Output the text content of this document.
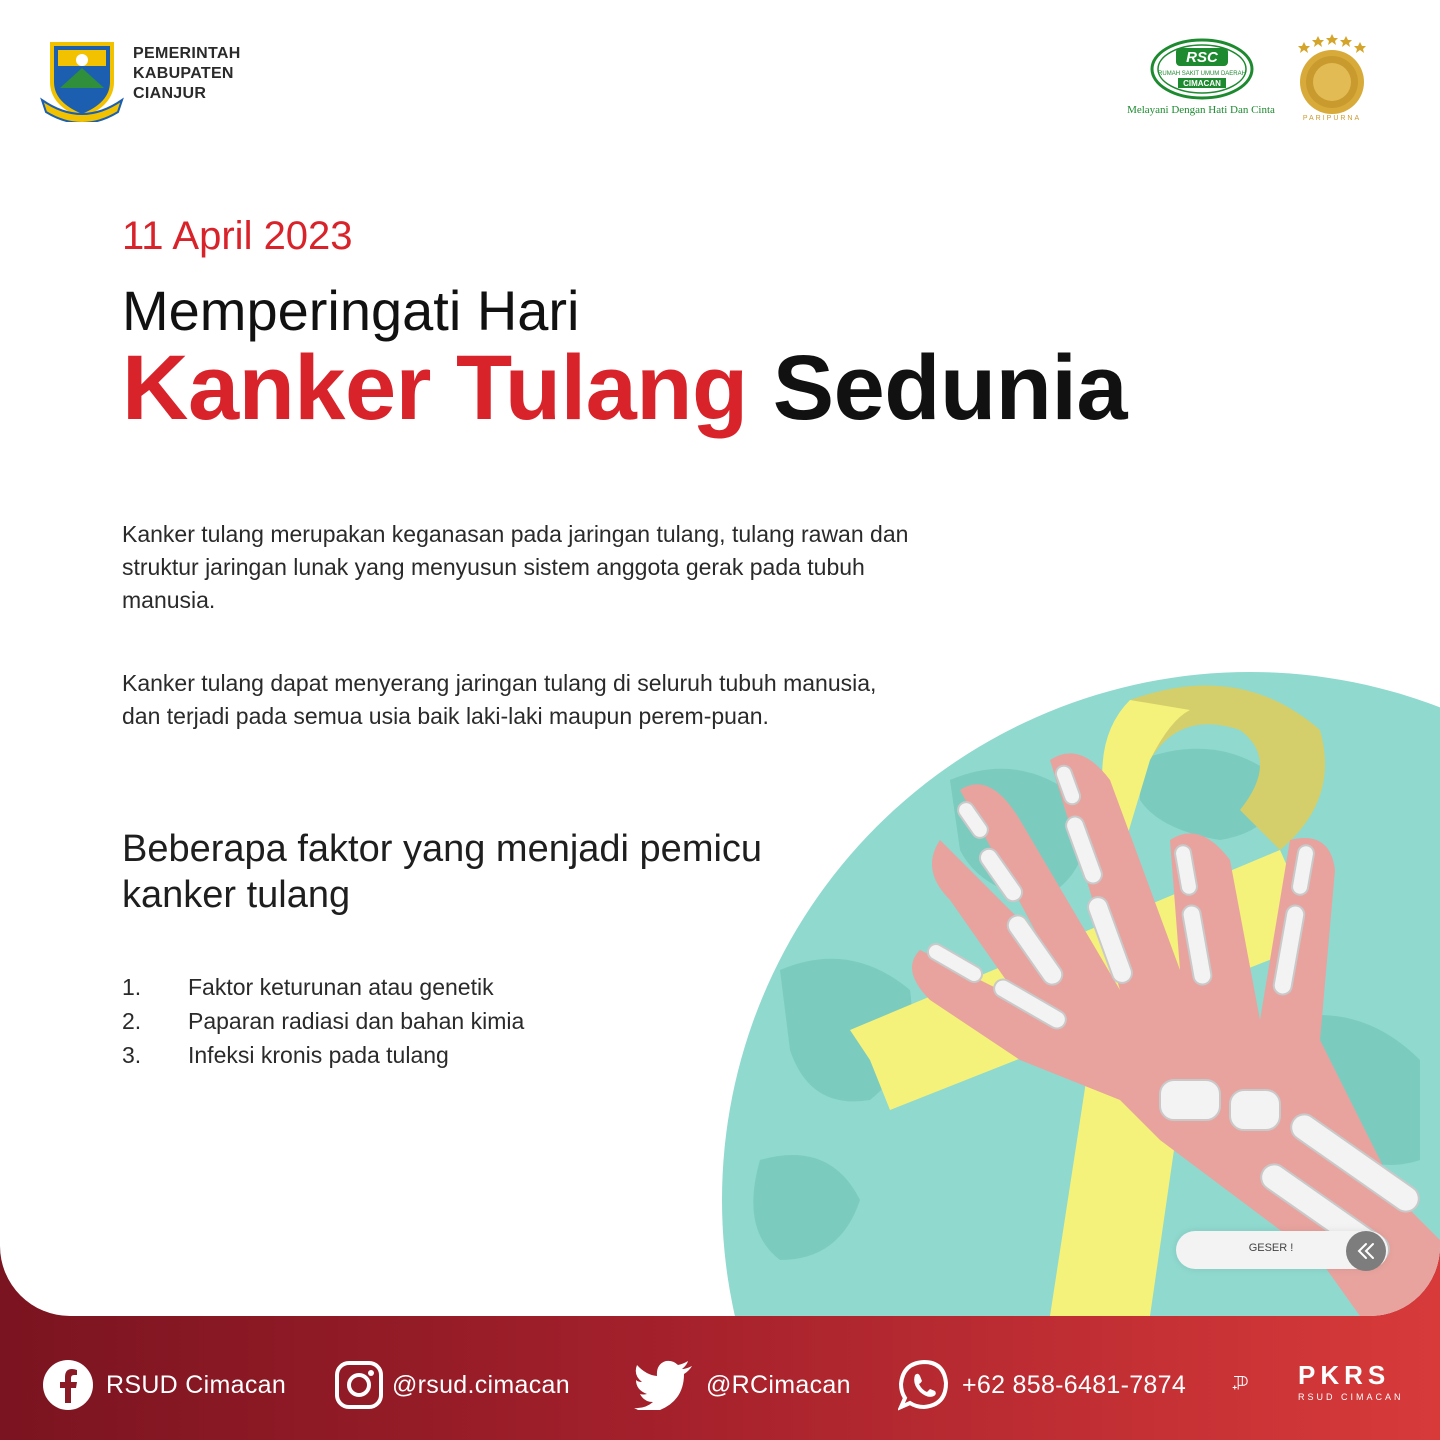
PEMERINTAH
KABUPATEN
CIANJUR
RSC
RUMAH SAKIT UMUM DAERAH
CIMACAN
Melayani Dengan Hati Dan Cinta
PARIPURNA
11 April 2023
Memperingati Hari
Kanker Tulang Sedunia

Kanker tulang merupakan keganasan pada jaringan tulang, tulang rawan dan struktur jaringan lunak yang menyusun sistem anggota gerak pada tubuh manusia.

Kanker tulang dapat menyerang jaringan tulang di seluruh tubuh manusia, dan terjadi pada semua usia baik laki-laki maupun perem-puan.

Beberapa faktor yang menjadi pemicu kanker tulang
1.	Faktor keturunan atau genetik
2.	Paparan radiasi dan bahan kimia
3.	Infeksi kronis pada tulang
GESER !
RSUD Cimacan	@rsud.cimacan	@RCimacan	+62 858-6481-7874	PKRS
RSUD CIMACAN
